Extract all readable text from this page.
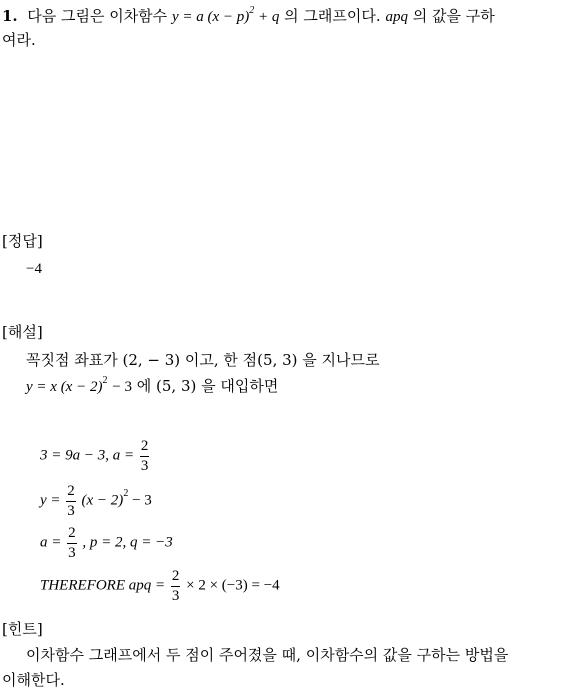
1. 다음 그림은 이차함수 y = a $(x - p)^2 + q$ 의 그래프이다. apq 의 값을 구하
여라.
[정답]
−4
[해설]
꼭짓점 좌표가 (2, − 3) 이고, 한 점(5, 3) 을 지나므로
y = x $(x - 2)^2 - 3$ 에 (5, 3) 을 대입하면
3 = 9a − 3, $a = \frac{2}{3}$
$y = \frac{2}{3} (x - 2)^2 - 3$
$a = \frac{2}{3}$ , p = 2, q = −3
THEREFORE apq = $\frac{2}{3} \times 2 \times (-3) = -4$
[힌트]
이차함수 그래프에서 두 점이 주어졌을 때, 이차함수의 값을 구하는 방법을
이해한다.
